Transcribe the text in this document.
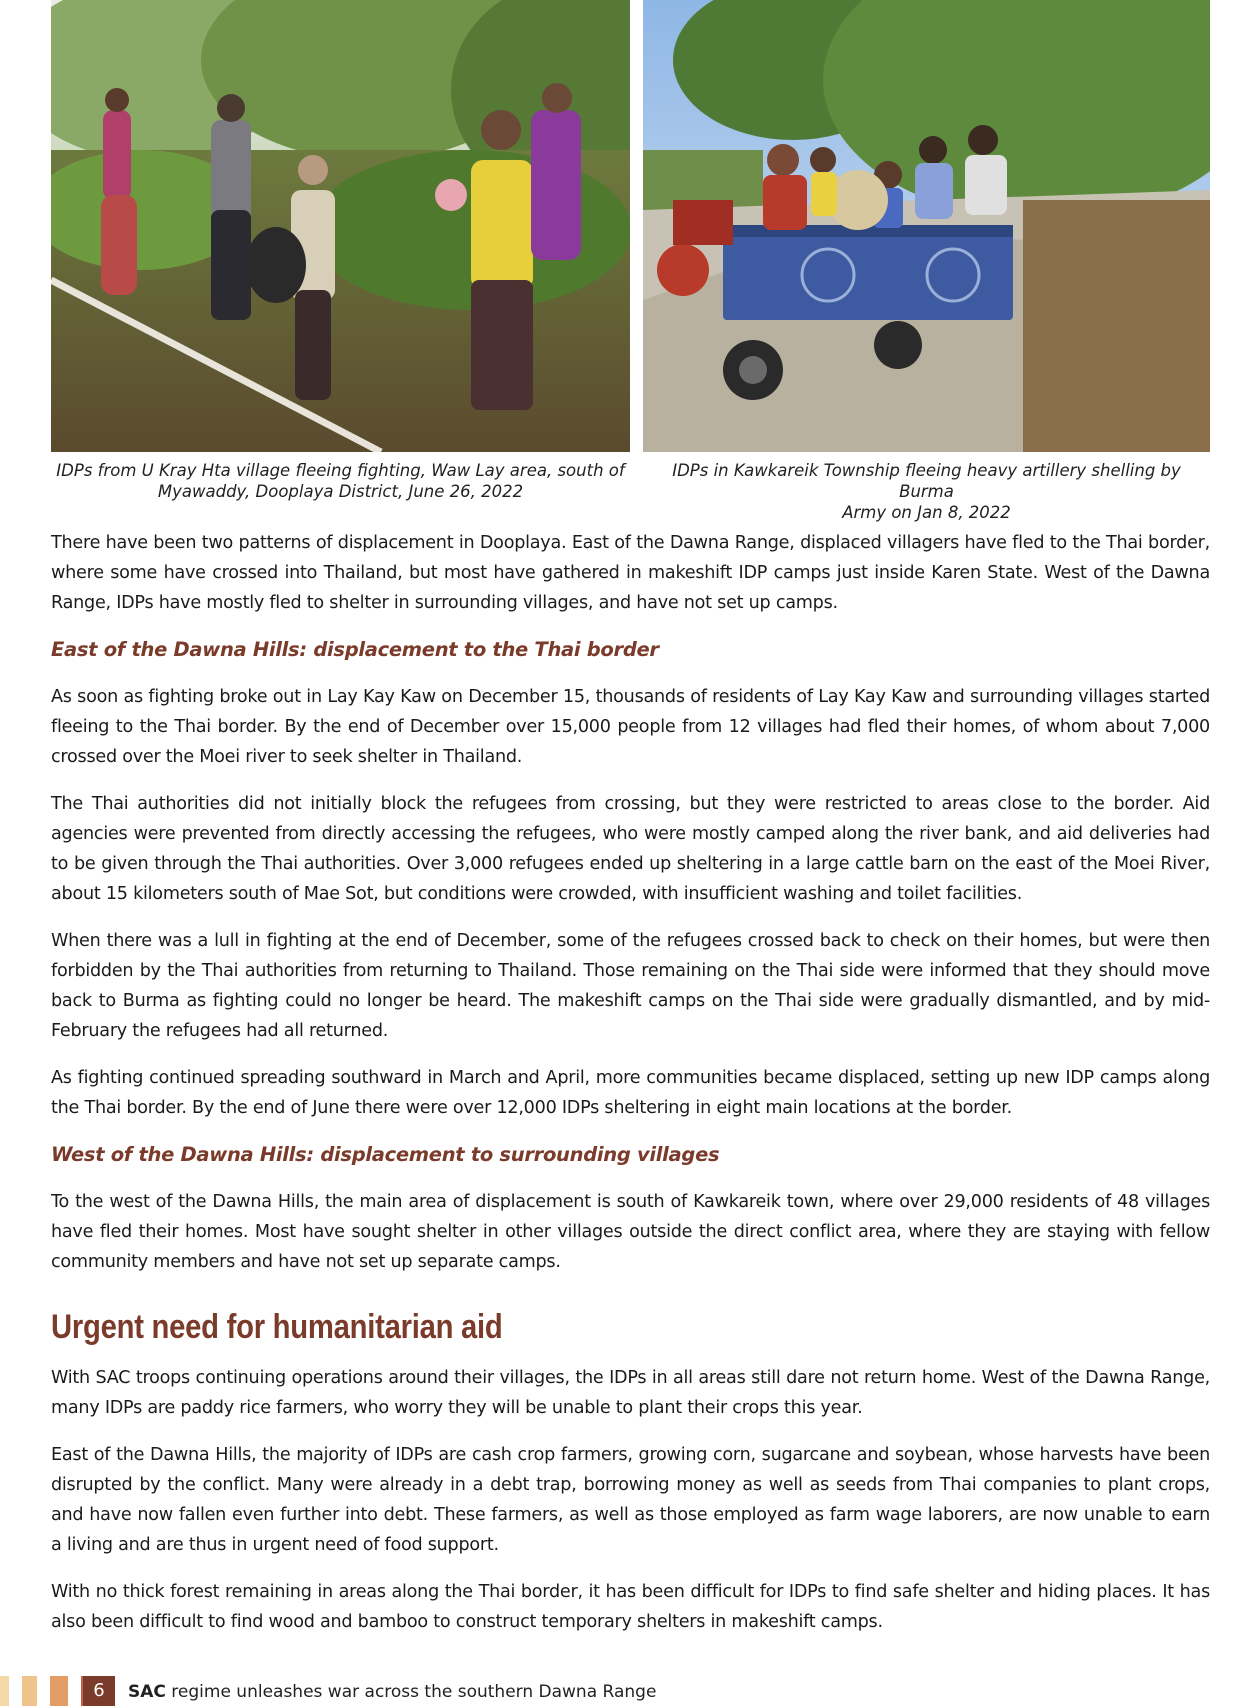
IDPs from U Kray Hta village fleeing fighting, Waw Lay area, south of
Myawaddy, Dooplaya District, June 26, 2022
IDPs in Kawkareik Township fleeing heavy artillery shelling by Burma
Army on Jan 8, 2022

There have been two patterns of displacement in Dooplaya. East of the Dawna Range, displaced villagers have fled to the Thai border, where some have crossed into Thailand, but most have gathered in makeshift IDP camps just inside Karen State. West of the Dawna Range, IDPs have mostly fled to shelter in surrounding villages, and have not set up camps.

East of the Dawna Hills: displacement to the Thai border

As soon as fighting broke out in Lay Kay Kaw on December 15, thousands of residents of Lay Kay Kaw and surrounding villages started fleeing to the Thai border. By the end of December over 15,000 people from 12 villages had fled their homes, of whom about 7,000 crossed over the Moei river to seek shelter in Thailand.

The Thai authorities did not initially block the refugees from crossing, but they were restricted to areas close to the border. Aid agencies were prevented from directly accessing the refugees, who were mostly camped along the river bank, and aid deliveries had to be given through the Thai authorities. Over 3,000 refugees ended up sheltering in a large cattle barn on the east of the Moei River, about 15 kilometers south of Mae Sot, but conditions were crowded, with insufficient washing and toilet facilities.

When there was a lull in fighting at the end of December, some of the refugees crossed back to check on their homes, but were then forbidden by the Thai authorities from returning to Thailand. Those remaining on the Thai side were informed that they should move back to Burma as fighting could no longer be heard. The makeshift camps on the Thai side were gradually dismantled, and by mid-February the refugees had all returned.

As fighting continued spreading southward in March and April, more communities became displaced, setting up new IDP camps along the Thai border. By the end of June there were over 12,000 IDPs sheltering in eight main locations at the border.

West of the Dawna Hills: displacement to surrounding villages

To the west of the Dawna Hills, the main area of displacement is south of Kawkareik town, where over 29,000 residents of 48 villages have fled their homes. Most have sought shelter in other villages outside the direct conflict area, where they are staying with fellow community members and have not set up separate camps.

Urgent need for humanitarian aid

With SAC troops continuing operations around their villages, the IDPs in all areas still dare not return home. West of the Dawna Range, many IDPs are paddy rice farmers, who worry they will be unable to plant their crops this year.

East of the Dawna Hills, the majority of IDPs are cash crop farmers, growing corn, sugarcane and soybean, whose harvests have been disrupted by the conflict. Many were already in a debt trap, borrowing money as well as seeds from Thai companies to plant crops, and have now fallen even further into debt. These farmers, as well as those employed as farm wage laborers, are now unable to earn a living and are thus in urgent need of food support.

With no thick forest remaining in areas along the Thai border, it has been difficult for IDPs to find safe shelter and hiding places. It has also been difficult to find wood and bamboo to construct temporary shelters in makeshift camps.

6	SAC regime unleashes war across the southern Dawna Range
